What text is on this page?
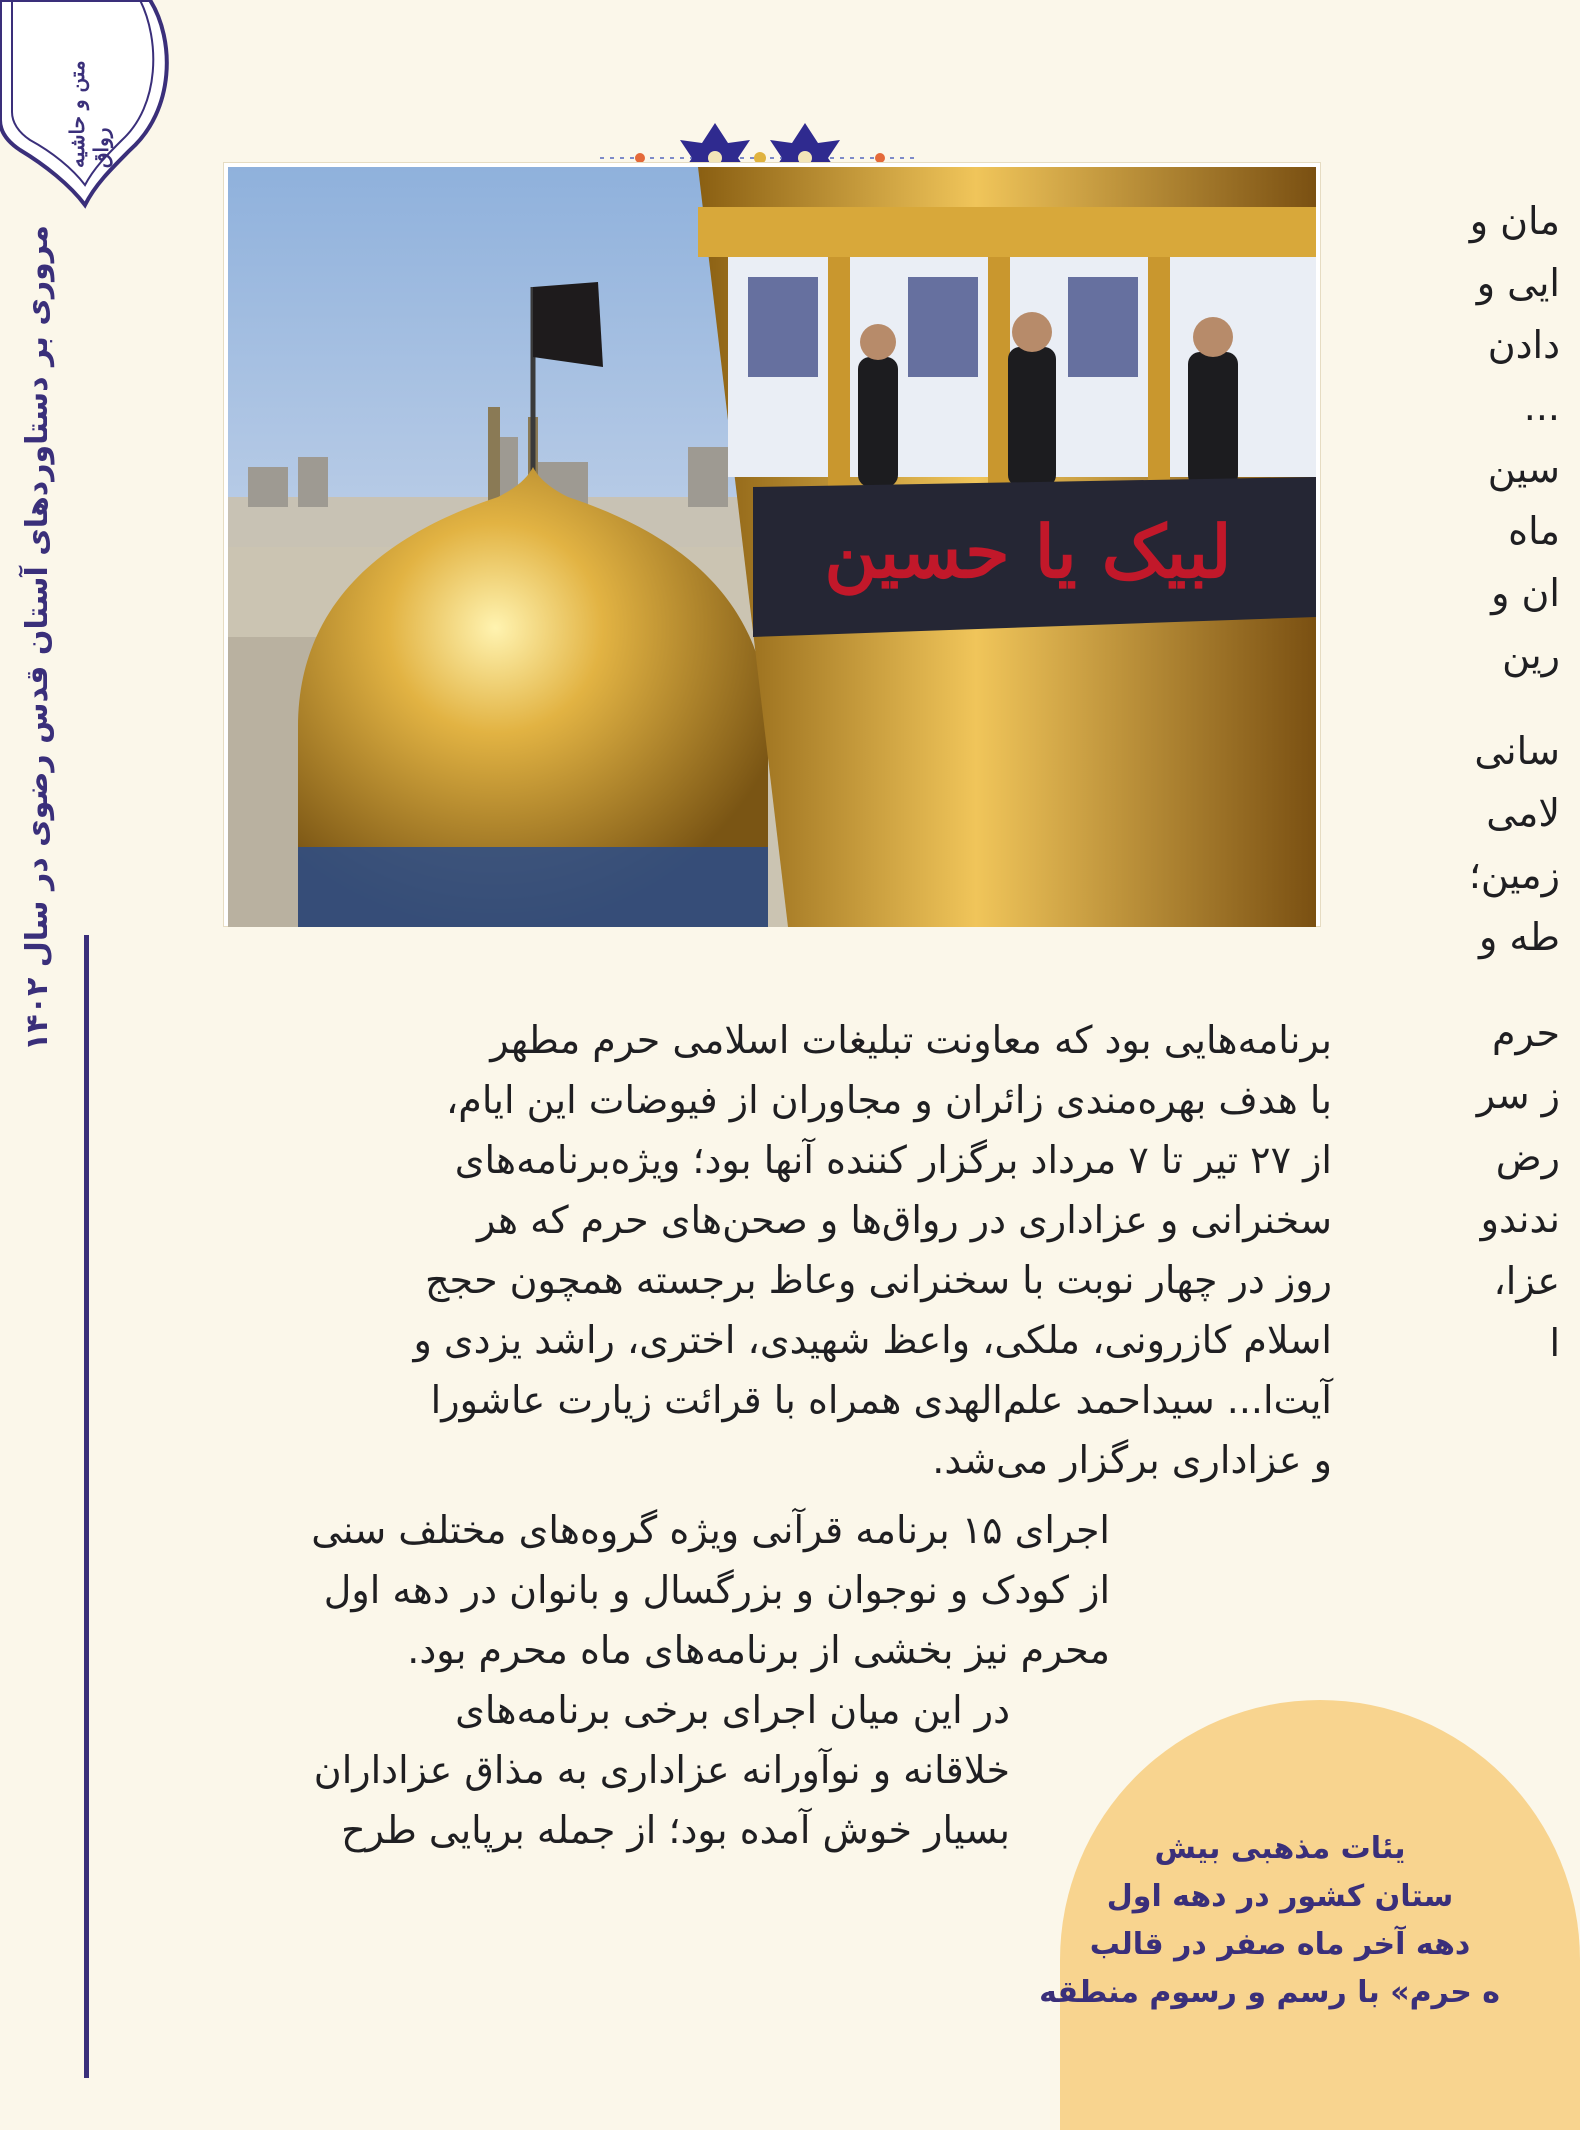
متن و حاشیه رواق
مروری بر دستاوردهای آستان قدس رضوی در سال ۱۴۰۲	لبیک یا حسین
مان و
ایی و
دادن
...
سین
ماه
ان و
رین
سانی
لامی
زمین؛
طه و
حرم
ز سر
رض
ندندو
عزا،
ا
برنامه‌هایی بود که معاونت تبلیغات اسلامی حرم مطهر
با هدف بهره‌مندی زائران و مجاوران از فیوضات این ایام،
از ۲۷ تیر تا ۷ مرداد برگزار کننده آنها بود؛ ویژه‌برنامه‌های
سخنرانی و عزاداری در رواق‌ها و صحن‌های حرم که هر
روز در چهار نوبت با سخنرانی وعاظ برجسته همچون حجج
اسلام کازرونی، ملکی، واعظ شهیدی، اختری، راشد یزدی و
آیت‌ا... سیداحمد علم‌الهدی همراه با قرائت زیارت عاشورا
و عزاداری برگزار می‌شد.
یئات مذهبی بیش
ستان کشور در دهه اول
دهه آخر ماه صفر در قالب
ه حرم» با رسم و رسوم منطقه
اجرای ۱۵ برنامه قرآنی ویژه گروه‌های مختلف سنی
از کودک و نوجوان و بزرگسال و بانوان در دهه اول
محرم نیز بخشی از برنامه‌های ماه محرم بود.
در این میان اجرای برخی برنامه‌های
خلاقانه و نوآورانه عزاداری به مذاق عزاداران
بسیار خوش آمده بود؛ از جمله برپایی طرح
